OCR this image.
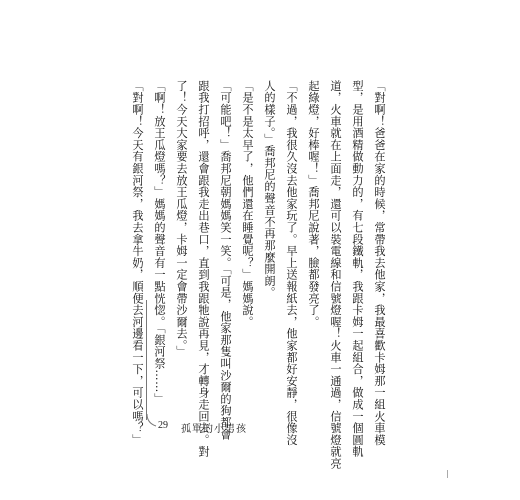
「對啊！爸爸在家的時候，常帶我去他家，我最喜歡卡姆那一組火車模
型，是用酒精做動力的，有七段鐵軌，我跟卡姆一起組合，做成一個圓軌
道，火車就在上面走，還可以裝電線和信號燈喔！火車一通過，信號燈就亮
起綠燈，好棒喔！」喬邦尼說著，臉都發亮了。
「不過，我很久沒去他家玩了。早上送報紙去，他家都好安靜，很像沒
人的樣子。」喬邦尼的聲音不再那麼開朗。
「是不是太早了，他們還在睡覺呢？」媽媽說。
「可能吧！」喬邦尼朝媽媽笑一笑。「可是，他家那隻叫沙爾的狗都會
跟我打招呼，還會跟我走出巷口，直到我跟牠說再見，才轉身走回去。對
了！今天大家要去放王瓜燈，卡姆一定會帶沙爾去。」
「啊！放王瓜燈嗎？」媽媽的聲音有一點恍惚。「銀河祭……」
「對啊！今天有銀河祭，我去拿牛奶，順便去河邊看一下，可以嗎？」	29 孤單的小男孩
